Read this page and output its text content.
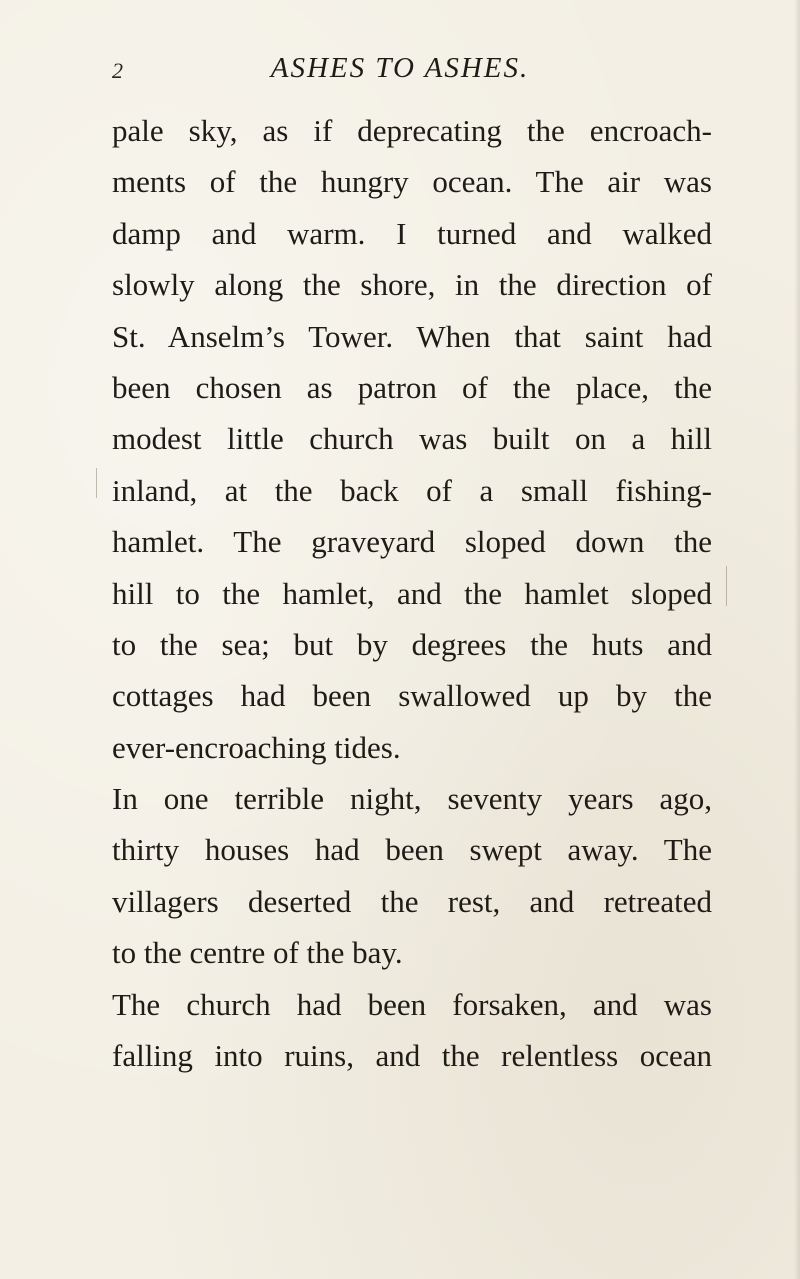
2	ASHES TO ASHES.
pale sky, as if deprecating the encroach-
ments of the hungry ocean. The air was
damp and warm. I turned and walked
slowly along the shore, in the direction of
St. Anselm’s Tower. When that saint had
been chosen as patron of the place, the
modest little church was built on a hill
inland, at the back of a small fishing-
hamlet. The graveyard sloped down the
hill to the hamlet, and the hamlet sloped
to the sea; but by degrees the huts and
cottages had been swallowed up by the
ever-encroaching tides.
In one terrible night, seventy years ago,
thirty houses had been swept away. The
villagers deserted the rest, and retreated
to the centre of the bay.
The church had been forsaken, and was
falling into ruins, and the relentless ocean
